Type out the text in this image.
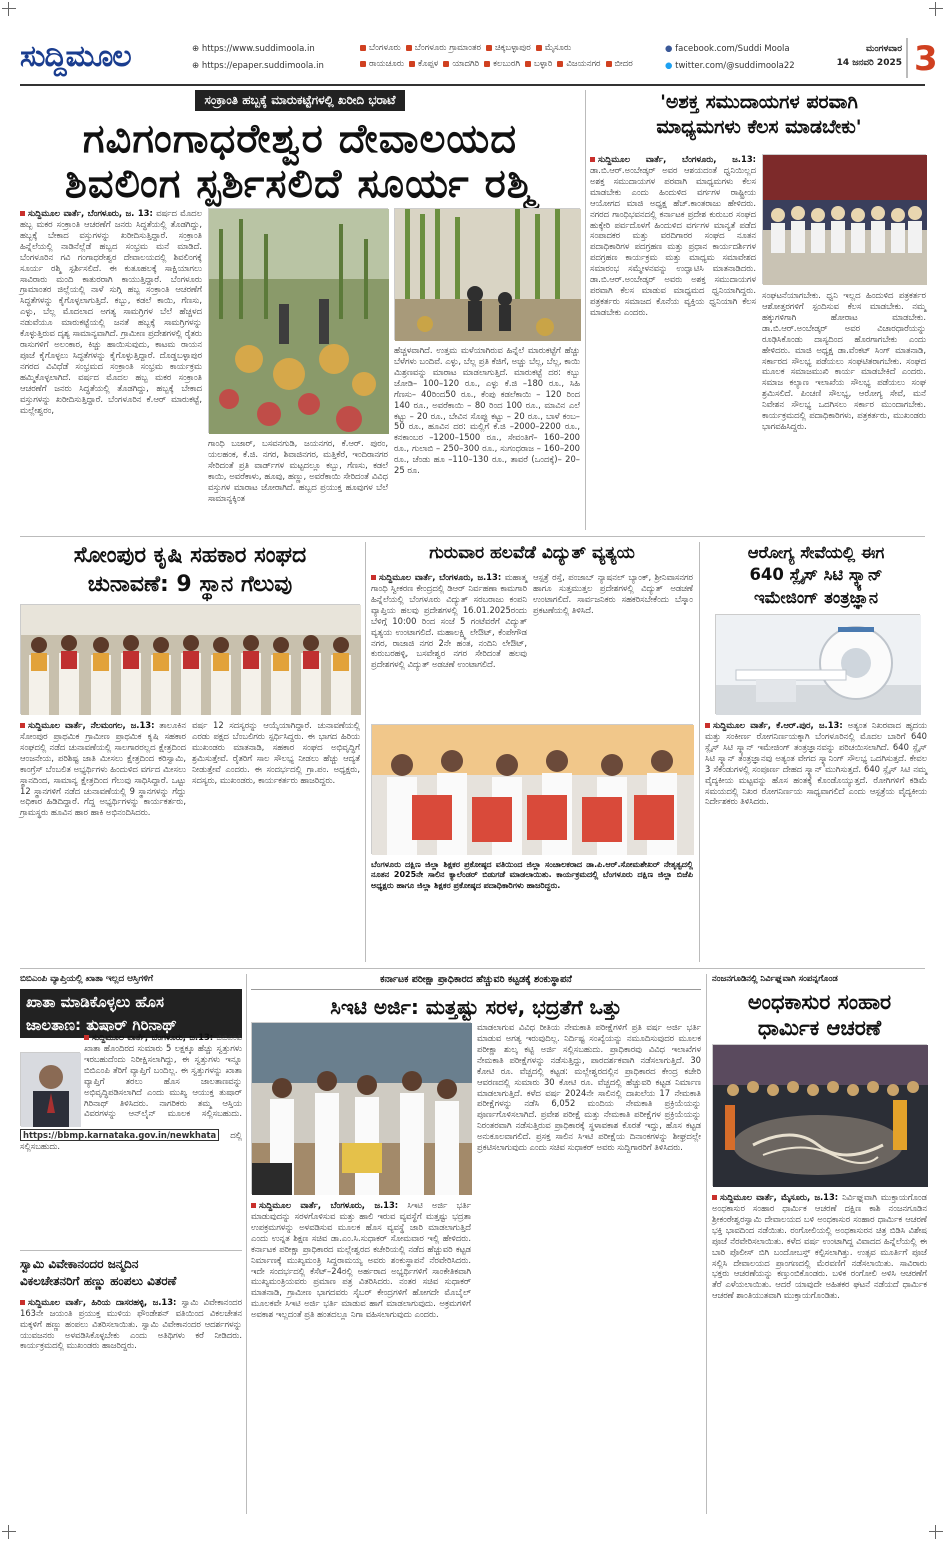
ಸುದ್ದಿಮೂಲ	⊕ https://www.suddimoola.in
⊕ https://epaper.suddimoola.in
ಬೆಂಗಳೂರು ಬೆಂಗಳೂರು ಗ್ರಾಮಾಂತರ ಚಿಕ್ಕಬಳ್ಳಾಪುರ ಮೈಸೂರು
ರಾಯಚೂರು ಕೊಪ್ಪಳ ಯಾದಗಿರಿ ಕಲಬುರಗಿ ಬಳ್ಳಾರಿ ವಿಜಯನಗರ ಬೀದರ
● facebook.com/Suddi Moola
● twitter.com/@suddimoola22
ಮಂಗಳವಾರ
14 ಜನವರಿ 2025 3
ಸಂಕ್ರಾಂತಿ ಹಬ್ಬಕ್ಕೆ ಮಾರುಕಟ್ಟೆಗಳಲ್ಲಿ ಖರೀದಿ ಭರಾಟೆ
ಗವಿಗಂಗಾಧರೇಶ್ವರ ದೇವಾಲಯದ
ಶಿವಲಿಂಗ ಸ್ಪರ್ಶಿಸಲಿದೆ ಸೂರ್ಯ ರಶ್ಮಿ
ಸುದ್ದಿಮೂಲ ವಾರ್ತೆ, ಬೆಂಗಳೂರು, ಜ. 13: ವರ್ಷದ ಮೊದಲ ಹಬ್ಬ ಮಕರ ಸಂಕ್ರಾಂತಿ ಆಚರಣೆಗೆ ಜನರು ಸಿದ್ಧತೆಯಲ್ಲಿ ತೊಡಗಿದ್ದು, ಹಬ್ಬಕ್ಕೆ ಬೇಕಾದ ವಸ್ತುಗಳನ್ನು ಖರೀದಿಸುತ್ತಿದ್ದಾರೆ. ಸಂಕ್ರಾಂತಿ ಹಿನ್ನೆಲೆಯಲ್ಲಿ ನಾಡಿನೆಲ್ಲೆಡೆ ಹಬ್ಬದ ಸಂಭ್ರಮ ಮನೆ ಮಾಡಿದೆ. ಬೆಂಗಳೂರಿನ ಗವಿ ಗಂಗಾಧರೇಶ್ವರ ದೇವಾಲಯದಲ್ಲಿ ಶಿವಲಿಂಗಕ್ಕೆ ಸೂರ್ಯ ರಶ್ಮಿ ಸ್ಪರ್ಶಿಸಲಿದೆ. ಈ ಕುತೂಹಲಕ್ಕೆ ಸಾಕ್ಷಿಯಾಗಲು ಸಾವಿರಾರು ಮಂದಿ ಕಾತುರರಾಗಿ ಕಾಯುತ್ತಿದ್ದಾರೆ. ಬೆಂಗಳೂರು ಗ್ರಾಮಾಂತರ ಜಿಲ್ಲೆಯಲ್ಲಿ ನಾಳೆ ಸುಗ್ಗಿ ಹಬ್ಬ ಸಂಕ್ರಾಂತಿ ಆಚರಣೆಗೆ ಸಿದ್ಧತೆಗಳನ್ನು ಕೈಗೊಳ್ಳಲಾಗುತ್ತಿದೆ. ಕಬ್ಬು, ಕಡಲೆ ಕಾಯಿ, ಗೆಣಸು, ಎಳ್ಳು, ಬೆಲ್ಲ ಮೊದಲಾದ ಅಗತ್ಯ ಸಾಮಗ್ರಿಗಳ ಬೆಲೆ ಹೆಚ್ಚಳದ ನಡುವೆಯೂ ಮಾರುಕಟ್ಟೆಯಲ್ಲಿ ಜನತೆ ಹಬ್ಬಕ್ಕೆ ಸಾಮಗ್ರಿಗಳನ್ನು ಕೊಳ್ಳುತ್ತಿರುವ ದೃಶ್ಯ ಸಾಮಾನ್ಯವಾಗಿದೆ. ಗ್ರಾಮೀಣ ಪ್ರದೇಶಗಳಲ್ಲಿ ರೈತರು ರಾಸುಗಳಿಗೆ ಅಲಂಕಾರ, ಕಿಚ್ಚು ಹಾಯಿಸುವುದು, ಕಾಟಮ ರಾಯನ ಪೂಜೆ ಕೈಗೊಳ್ಳಲು ಸಿದ್ಧತೆಗಳನ್ನು ಕೈಗೊಳ್ಳುತ್ತಿದ್ದಾರೆ. ದೊಡ್ಡಬಳ್ಳಾಪುರ ನಗರದ ವಿವಿಧೆಡೆ ಸಂಭ್ರಮದ ಸಂಕ್ರಾಂತಿ ಸಂಭ್ರಮ ಕಾರ್ಯಕ್ರಮ ಹಮ್ಮಿಕೊಳ್ಳಲಾಗಿದೆ. ವರ್ಷದ ಮೊದಲ ಹಬ್ಬ ಮಕರ ಸಂಕ್ರಾಂತಿ ಆಚರಣೆಗೆ ಜನರು ಸಿದ್ಧತೆಯಲ್ಲಿ ತೊಡಗಿದ್ದು, ಹಬ್ಬಕ್ಕೆ ಬೇಕಾದ ವಸ್ತುಗಳನ್ನು ಖರೀದಿಸುತ್ತಿದ್ದಾರೆ. ಬೆಂಗಳೂರಿನ ಕೆ.ಆರ್ ಮಾರುಕಟ್ಟೆ, ಮಲ್ಲೇಶ್ವರಂ,
ಗಾಂಧಿ ಬಜಾರ್, ಬಸವನಗುಡಿ, ಜಯನಗರ, ಕೆ.ಆರ್. ಪುರಂ, ಯಲಹಂಕ, ಕೆ.ಜಿ. ನಗರ, ಶಿವಾಜಿನಗರ, ಮತ್ತಿಕೆರೆ, ಇಂದಿರಾನಗರ ಸೇರಿದಂತೆ ಪ್ರತಿ ವಾರ್ಡ್‌ಗಳ ಮಟ್ಟದಲ್ಲೂ ಕಬ್ಬು, ಗೆಣಸು, ಕಡಲೆ ಕಾಯಿ, ಅವರೆಕಾಳು, ಹೂವು, ಹಣ್ಣು, ಅವರೆಕಾಯಿ ಸೇರಿದಂತೆ ವಿವಿಧ ವಸ್ತುಗಳ ಮಾರಾಟ ಜೋರಾಗಿದೆ. ಹಬ್ಬದ ಪ್ರಯುಕ್ತ ಹೂವುಗಳ ಬೆಲೆ ಸಾಮಾನ್ಯಕ್ಕಿಂತ
ಹೆಚ್ಚಳವಾಗಿದೆ. ಉತ್ತಮ ಮಳೆಯಾಗಿರುವ ಹಿನ್ನೆಲೆ ಮಾರುಕಟ್ಟೆಗೆ ಹೆಚ್ಚು ಬೆಳೆಗಳು ಬಂದಿವೆ. ಎಳ್ಳು, ಬೆಲ್ಲ ಪ್ರತಿ ಕೆಜಿಗೆ, ಅಚ್ಚು ಬೆಲ್ಲ, ಬೆಲ್ಲ, ಕಾಯಿ ಮಿಶ್ರಣವನ್ನು ಮಾರಾಟ ಮಾಡಲಾಗುತ್ತಿದೆ. ಮಾರುಕಟ್ಟೆ ದರ: ಕಬ್ಬು ಜೋಡಿ– 100–120 ರೂ., ಎಳ್ಳು ಕೆ.ಜಿ –180 ರೂ., ಸಿಹಿ ಗೆಣಸು– 40ರಿಂದ50 ರೂ., ಕೆಂಪು ಕಡಲೆಕಾಯಿ – 120 ರಿಂದ 140 ರೂ., ಅವರೆಕಾಯಿ – 80 ರಿಂದ 100 ರೂ., ಮಾವಿನ ಎಲೆ ಕಟ್ಟು – 20 ರೂ., ಬೇವಿನ ಸೊಪ್ಪು ಕಟ್ಟು – 20 ರೂ., ಬಾಳೆ ಕಂಬ– 50 ರೂ., ಹೂವಿನ ದರ: ಮಲ್ಲಿಗೆ ಕೆ.ಜಿ –2000–2200 ರೂ., ಕನಕಾಂಬರ –1200–1500 ರೂ., ಸೇವಂತಿಗೆ– 160–200 ರೂ., ಗುಲಾಬಿ – 250–300 ರೂ., ಸುಗಂಧರಾಜ – 160–200 ರೂ., ಚೆಂಡು ಹೂ –110–130 ರೂ., ತಾವರೆ (ಒಂದಕ್ಕೆ)– 20–25 ರೂ.
'ಅಶಕ್ತ ಸಮುದಾಯಗಳ ಪರವಾಗಿ
ಮಾಧ್ಯಮಗಳು ಕೆಲಸ ಮಾಡಬೇಕು'
ಸುದ್ದಿಮೂಲ ವಾರ್ತೆ, ಬೆಂಗಳೂರು, ಜ.13: ಡಾ.ಬಿ.ಆರ್.ಅಂಬೇಡ್ಕರ್ ಅವರ ಆಶಯದಂತೆ ಧ್ವನಿಯಿಲ್ಲದ ಅಶಕ್ತ ಸಮುದಾಯಗಳ ಪರವಾಗಿ ಮಾಧ್ಯಮಗಳು ಕೆಲಸ ಮಾಡಬೇಕು ಎಂದು ಹಿಂದುಳಿದ ವರ್ಗಗಳ ರಾಷ್ಟ್ರೀಯ ಆಯೋಗದ ಮಾಜಿ ಅಧ್ಯಕ್ಷ ಹೆಚ್.ಕಾಂತರಾಜು ಹೇಳಿದರು. ನಗರದ ಗಾಂಧಿಭವನದಲ್ಲಿ ಕರ್ನಾಟಕ ಪ್ರದೇಶ ಕುರುಬರ ಸಂಘದ ಹುಕ್ಕೇರಿ ಪರ್ವದೊಳಗೆ ಹಿಂದುಳಿದ ವರ್ಗಗಳ ಮಾನ್ಯತೆ ಪಡೆದ ಸಂಪಾದಕರ ಮತ್ತು ವರದಿಗಾರರ ಸಂಘದ ನೂತನ ಪದಾಧಿಕಾರಿಗಳ ಪದಗ್ರಹಣ ಮತ್ತು ಪ್ರಧಾನ ಕಾರ್ಯದರ್ಶಿಗಳ ಪದಗ್ರಹಣ ಕಾರ್ಯಕ್ರಮ ಮತ್ತು ಮಾಧ್ಯಮ ಸಮಾವೇಶದ ಸಮಾರಂಭ ಸಮ್ಮೇಳನವನ್ನು ಉದ್ಘಾಟಿಸಿ ಮಾತನಾಡಿದರು. ಡಾ.ಬಿ.ಆರ್.ಅಂಬೇಡ್ಕರ್ ಅವರು ಅಶಕ್ತ ಸಮುದಾಯಗಳ ಪರವಾಗಿ ಕೆಲಸ ಮಾಡುವ ಮಾಧ್ಯಮದ ಧ್ವನಿಯಾಗಿದ್ದರು. ಪತ್ರಕರ್ತರು ಸಮಾಜದ ಕೊನೆಯ ವ್ಯಕ್ತಿಯ ಧ್ವನಿಯಾಗಿ ಕೆಲಸ ಮಾಡಬೇಕು ಎಂದರು.
ಸಂಘಟನೆಯಾಗಬೇಕು. ಧ್ವನಿ ಇಲ್ಲದ ಹಿಂದುಳಿದ ಪತ್ರಕರ್ತರ ಆಶೋತ್ತರಗಳಿಗೆ ಸ್ಪಂದಿಸುವ ಕೆಲಸ ಮಾಡಬೇಕು. ನಮ್ಮ ಹಕ್ಕುಗಳಿಗಾಗಿ ಹೋರಾಟ ಮಾಡಬೇಕು. ಡಾ.ಬಿ.ಆರ್.ಅಂಬೇಡ್ಕರ್ ಅವರ ವಿಚಾರಧಾರೆಯನ್ನು ರೂಢಿಸಿಕೊಂಡು ದಾಸ್ಯದಿಂದ ಹೊರಗಾಗಬೇಕು ಎಂದು ಹೇಳಿದರು. ಮಾಜಿ ಅಧ್ಯಕ್ಷ ಡಾ.ವೆಂಕಟ್ ಸಿಂಗ್ ಮಾತನಾಡಿ, ಸರ್ಕಾರದ ಸೌಲಭ್ಯ ಪಡೆಯಲು ಸಂಘಟಿತರಾಗಬೇಕು. ಸಂಘದ ಮೂಲಕ ಸಮಾಜಮುಖಿ ಕಾರ್ಯ ಮಾಡಬೇಕಿದೆ ಎಂದರು. ಸಮಾಜ ಕಲ್ಯಾಣ ಇಲಾಖೆಯ ಸೌಲಭ್ಯ ಪಡೆಯಲು ಸಂಘ ಶ್ರಮಿಸಲಿದೆ. ಪಿಂಚಣಿ ಸೌಲಭ್ಯ, ಆರೋಗ್ಯ ಸೇವೆ, ಮನೆ ನಿವೇಶನ ಸೌಲಭ್ಯ ಒದಗಿಸಲು ಸರ್ಕಾರ ಮುಂದಾಗಬೇಕು. ಕಾರ್ಯಕ್ರಮದಲ್ಲಿ ಪದಾಧಿಕಾರಿಗಳು, ಪತ್ರಕರ್ತರು, ಮುಖಂಡರು ಭಾಗವಹಿಸಿದ್ದರು.
ಸೋಂಪುರ ಕೃಷಿ ಸಹಕಾರ ಸಂಘದ
ಚುನಾವಣೆ: 9 ಸ್ಥಾನ ಗೆಲುವು
ಸುದ್ದಿಮೂಲ ವಾರ್ತೆ, ನೆಲಮಂಗಲ, ಜ.13: ತಾಲೂಕಿನ ಸೋಂಪುರ ಪ್ರಾಥಮಿಕ ಗ್ರಾಮೀಣ ಪ್ರಾಥಮಿಕ ಕೃಷಿ ಸಹಕಾರ ಸಂಘದಲ್ಲಿ ನಡೆದ ಚುನಾವಣೆಯಲ್ಲಿ ಸಾಲಗಾರರಲ್ಲದ ಕ್ಷೇತ್ರದಿಂದ ಆಂಜನೇಯ, ಪರಿಶಿಷ್ಟ ಜಾತಿ ಮೀಸಲು ಕ್ಷೇತ್ರದಿಂದ ಕರಿಸ್ವಾಮಿ, ಕಾಂಗ್ರೆಸ್ ಬೆಂಬಲಿತ ಅಭ್ಯರ್ಥಿಗಳು ಹಿಂದುಳಿದ ವರ್ಗದ ಮೀಸಲು ಸ್ಥಾನದಿಂದ, ಸಾಮಾನ್ಯ ಕ್ಷೇತ್ರದಿಂದ ಗೆಲುವು ಸಾಧಿಸಿದ್ದಾರೆ. ಒಟ್ಟು 12 ಸ್ಥಾನಗಳಿಗೆ ನಡೆದ ಚುನಾವಣೆಯಲ್ಲಿ 9 ಸ್ಥಾನಗಳನ್ನು ಗೆದ್ದು ಅಧಿಕಾರ ಹಿಡಿದಿದ್ದಾರೆ. ಗೆದ್ದ ಅಭ್ಯರ್ಥಿಗಳನ್ನು ಕಾರ್ಯಕರ್ತರು, ಗ್ರಾಮಸ್ಥರು ಹೂವಿನ ಹಾರ ಹಾಕಿ ಅಭಿನಂದಿಸಿದರು.
ವರ್ಷ 12 ಸದಸ್ಯರನ್ನು ಆಯ್ಕೆಯಾಗಿದ್ದಾರೆ. ಚುನಾವಣೆಯಲ್ಲಿ ಎರಡು ಪಕ್ಷದ ಬೆಂಬಲಿಗರು ಸ್ಪರ್ಧಿಸಿದ್ದರು. ಈ ಭಾಗದ ಹಿರಿಯ ಮುಖಂಡರು ಮಾತನಾಡಿ, ಸಹಕಾರ ಸಂಘದ ಅಭಿವೃದ್ಧಿಗೆ ಶ್ರಮಿಸುತ್ತೇವೆ. ರೈತರಿಗೆ ಸಾಲ ಸೌಲಭ್ಯ ನೀಡಲು ಹೆಚ್ಚು ಆದ್ಯತೆ ನೀಡುತ್ತೇವೆ ಎಂದರು. ಈ ಸಂದರ್ಭದಲ್ಲಿ ಗ್ರಾ.ಪಂ. ಅಧ್ಯಕ್ಷರು, ಸದಸ್ಯರು, ಮುಖಂಡರು, ಕಾರ್ಯಕರ್ತರು ಹಾಜರಿದ್ದರು.
ಗುರುವಾರ ಹಲವೆಡೆ ವಿದ್ಯುತ್ ವ್ಯತ್ಯಯ
ಸುದ್ದಿಮೂಲ ವಾರ್ತೆ, ಬೆಂಗಳೂರು, ಜ.13: ಮಹಾತ್ಮ ಗಾಂಧಿ ಸ್ವೀಕರಣ ಕೇಂದ್ರದಲ್ಲಿ ಡಿಆರ್ ನಿರ್ವಹಣಾ ಕಾಮಗಾರಿ ಹಿನ್ನೆಲೆಯಲ್ಲಿ ಬೆಂಗಳೂರು ವಿದ್ಯುತ್ ಸರಬರಾಜು ಕಂಪನಿ ವ್ಯಾಪ್ತಿಯ ಹಲವು ಪ್ರದೇಶಗಳಲ್ಲಿ 16.01.2025ರಂದು ಬೆಳಿಗ್ಗೆ 10:00 ರಿಂದ ಸಂಜೆ 5 ಗಂಟೆವರೆಗೆ ವಿದ್ಯುತ್ ವ್ಯತ್ಯಯ ಉಂಟಾಗಲಿದೆ. ಮಹಾಲಕ್ಷ್ಮಿ ಲೇಔಟ್, ಕೆಂಪೇಗೌಡ ನಗರ, ರಾಜಾಜಿ ನಗರ 2ನೇ ಹಂತ, ನಂದಿನಿ ಲೇಔಟ್, ಕುರುಬರಹಳ್ಳಿ, ಬಸವೇಶ್ವರ ನಗರ ಸೇರಿದಂತೆ ಹಲವು ಪ್ರದೇಶಗಳಲ್ಲಿ ವಿದ್ಯುತ್ ಅಡಚಣೆ ಉಂಟಾಗಲಿದೆ.
ಆಸ್ಪತ್ರೆ ರಸ್ತೆ, ಪಂಜಾಬ್ ನ್ಯಾಷನಲ್ ಬ್ಯಾಂಕ್, ಶ್ರೀನಿವಾಸನಗರ ಹಾಗೂ ಸುತ್ತಮುತ್ತಲ ಪ್ರದೇಶಗಳಲ್ಲಿ ವಿದ್ಯುತ್ ಅಡಚಣೆ ಉಂಟಾಗಲಿದೆ. ಸಾರ್ವಜನಿಕರು ಸಹಕರಿಸಬೇಕೆಂದು ಬೆಸ್ಕಾಂ ಪ್ರಕಟಣೆಯಲ್ಲಿ ತಿಳಿಸಿದೆ.
ಬೆಂಗಳೂರು ದಕ್ಷಿಣ ಜಿಲ್ಲಾ ಶಿಕ್ಷಕರ ಪ್ರಕೋಷ್ಠದ ವತಿಯಿಂದ ಜಿಲ್ಲಾ ಸಂಚಾಲಕರಾದ ಡಾ.ಪಿ.ಆರ್.ಸೋಮಶೇಖರ್ ನೇತೃತ್ವದಲ್ಲಿ ನೂತನ 2025ನೇ ಸಾಲಿನ ಕ್ಯಾಲೆಂಡರ್ ಬಿಡುಗಡೆ ಮಾಡಲಾಯಿತು. ಕಾರ್ಯಕ್ರಮದಲ್ಲಿ ಬೆಂಗಳೂರು ದಕ್ಷಿಣ ಜಿಲ್ಲಾ ಬಿಜೆಪಿ ಅಧ್ಯಕ್ಷರು ಹಾಗೂ ಜಿಲ್ಲಾ ಶಿಕ್ಷಕರ ಪ್ರಕೋಷ್ಠದ ಪದಾಧಿಕಾರಿಗಳು ಹಾಜರಿದ್ದರು.
ಆರೋಗ್ಯ ಸೇವೆಯಲ್ಲಿ ಈಗ
640 ಸ್ಲೈಸ್ ಸಿಟಿ ಸ್ಕ್ಯಾನ್
ಇಮೇಜಿಂಗ್ ತಂತ್ರಜ್ಞಾನ
ಸುದ್ದಿಮೂಲ ವಾರ್ತೆ, ಕೆ.ಆರ್.ಪುರ, ಜ.13: ಅತ್ಯಂತ ನಿಖರವಾದ ಹೃದಯ ಮತ್ತು ಸಂಕೀರ್ಣ ರೋಗನಿರ್ಣಯಕ್ಕಾಗಿ ಬೆಂಗಳೂರಿನಲ್ಲಿ ಮೊದಲ ಬಾರಿಗೆ 640 ಸ್ಲೈಸ್ ಸಿಟಿ ಸ್ಕ್ಯಾನ್ ಇಮೇಜಿಂಗ್ ತಂತ್ರಜ್ಞಾನವನ್ನು ಪರಿಚಯಿಸಲಾಗಿದೆ. 640 ಸ್ಲೈಸ್ ಸಿಟಿ ಸ್ಕ್ಯಾನ್ ತಂತ್ರಜ್ಞಾನವು ಅತ್ಯಂತ ವೇಗದ ಸ್ಕ್ಯಾನಿಂಗ್ ಸೌಲಭ್ಯ ಒದಗಿಸುತ್ತದೆ. ಕೇವಲ 3 ಸೆಕೆಂಡುಗಳಲ್ಲಿ ಸಂಪೂರ್ಣ ದೇಹದ ಸ್ಕ್ಯಾನ್ ಮುಗಿಸುತ್ತದೆ. 640 ಸ್ಲೈಸ್ ಸಿಟಿ ನಮ್ಮ ವೈದ್ಯಕೀಯ ಮಟ್ಟವನ್ನು ಹೊಸ ಹಂತಕ್ಕೆ ಕೊಂಡೊಯ್ಯುತ್ತದೆ. ರೋಗಿಗಳಿಗೆ ಕಡಿಮೆ ಸಮಯದಲ್ಲಿ ನಿಖರ ರೋಗನಿರ್ಣಯ ಸಾಧ್ಯವಾಗಲಿದೆ ಎಂದು ಆಸ್ಪತ್ರೆಯ ವೈದ್ಯಕೀಯ ನಿರ್ದೇಶಕರು ತಿಳಿಸಿದರು.
ಬಿಬಿಎಂಪಿ ವ್ಯಾಪ್ತಿಯಲ್ಲಿ ಖಾತಾ ಇಲ್ಲದ ಆಸ್ತಿಗಳಿಗೆ
ಖಾತಾ ಮಾಡಿಕೊಳ್ಳಲು ಹೊಸ
ಜಾಲತಾಣ: ತುಷಾರ್ ಗಿರಿನಾಥ್
ಸುದ್ದಿಮೂಲ ವಾರ್ತೆ, ಬೆಂಗಳೂರು, ಜ.13: ಬಿಬಿಎಂಪಿ ಖಾತಾ ಹೊಂದಿರದ ಸುಮಾರು 5 ಲಕ್ಷಕ್ಕೂ ಹೆಚ್ಚು ಸ್ವತ್ತುಗಳು ಇರಬಹುದೆಂದು ನಿರೀಕ್ಷಿಸಲಾಗಿದ್ದು, ಈ ಸ್ವತ್ತುಗಳು ಇನ್ನೂ ಬಿಬಿಎಂಪಿ ತೆರಿಗೆ ವ್ಯಾಪ್ತಿಗೆ ಬಂದಿಲ್ಲ. ಈ ಸ್ವತ್ತುಗಳನ್ನು ಖಾತಾ ವ್ಯಾಪ್ತಿಗೆ ತರಲು ಹೊಸ ಜಾಲತಾಣವನ್ನು ಅಭಿವೃದ್ಧಿಪಡಿಸಲಾಗಿದೆ ಎಂದು ಮುಖ್ಯ ಆಯುಕ್ತ ತುಷಾರ್ ಗಿರಿನಾಥ್ ತಿಳಿಸಿದರು. ನಾಗರಿಕರು ತಮ್ಮ ಆಸ್ತಿಯ ವಿವರಗಳನ್ನು ಆನ್‌ಲೈನ್ ಮೂಲಕ ಸಲ್ಲಿಸಬಹುದು. https://bbmp.karnataka.gov.in/newkhata ದಲ್ಲಿ ಸಲ್ಲಿಸಬಹುದು.
ಸ್ವಾಮಿ ವಿವೇಕಾನಂದರ ಜನ್ಮದಿನ
ವಿಕಲಚೇತನರಿಗೆ ಹಣ್ಣು ಹಂಪಲು ವಿತರಣೆ
ಸುದ್ದಿಮೂಲ ವಾರ್ತೆ, ಹಿರಿಯ ದಾಸರಹಳ್ಳಿ, ಜ.13: ಸ್ವಾಮಿ ವಿವೇಕಾನಂದರ 163ನೇ ಜಯಂತಿ ಪ್ರಯುಕ್ತ ಮುಳಿಯ ಫೌಂಡೇಶನ್ ವತಿಯಿಂದ ವಿಕಲಚೇತನ ಮಕ್ಕಳಿಗೆ ಹಣ್ಣು ಹಂಪಲು ವಿತರಿಸಲಾಯಿತು. ಸ್ವಾಮಿ ವಿವೇಕಾನಂದರ ಆದರ್ಶಗಳನ್ನು ಯುವಜನರು ಅಳವಡಿಸಿಕೊಳ್ಳಬೇಕು ಎಂದು ಅತಿಥಿಗಳು ಕರೆ ನೀಡಿದರು. ಕಾರ್ಯಕ್ರಮದಲ್ಲಿ ಮುಖಂಡರು ಹಾಜರಿದ್ದರು.
ಕರ್ನಾಟಕ ಪರೀಕ್ಷಾ ಪ್ರಾಧಿಕಾರದ ಹೆಚ್ಚುವರಿ ಕಟ್ಟಡಕ್ಕೆ ಶಂಕುಸ್ಥಾಪನೆ
ಸಿಇಟಿ ಅರ್ಜಿ: ಮತ್ತಷ್ಟು ಸರಳ, ಭದ್ರತೆಗೆ ಒತ್ತು
ಸುದ್ದಿಮೂಲ ವಾರ್ತೆ, ಬೆಂಗಳೂರು, ಜ.13: ಸಿಇಟಿ ಅರ್ಜಿ ಭರ್ತಿ ಮಾಡುವುದನ್ನು ಸರಳಗೊಳಿಸುವ ಮತ್ತು ಹಾಲಿ ಇರುವ ವ್ಯವಸ್ಥೆಗೆ ಮತ್ತಷ್ಟು ಭದ್ರತಾ ಉಪಕ್ರಮಗಳನ್ನು ಅಳವಡಿಸುವ ಮೂಲಕ ಹೊಸ ವ್ಯವಸ್ಥೆ ಜಾರಿ ಮಾಡಲಾಗುತ್ತಿದೆ ಎಂದು ಉನ್ನತ ಶಿಕ್ಷಣ ಸಚಿವ ಡಾ.ಎಂ.ಸಿ.ಸುಧಾಕರ್ ಸೋಮವಾರ ಇಲ್ಲಿ ಹೇಳಿದರು. ಕರ್ನಾಟಕ ಪರೀಕ್ಷಾ ಪ್ರಾಧಿಕಾರದ ಮಲ್ಲೇಶ್ವರದ ಕಚೇರಿಯಲ್ಲಿ ನಡೆದ ಹೆಚ್ಚುವರಿ ಕಟ್ಟಡ ನಿರ್ಮಾಣಕ್ಕೆ ಮುಖ್ಯಮಂತ್ರಿ ಸಿದ್ದರಾಮಯ್ಯ ಅವರು ಶಂಕುಸ್ಥಾಪನೆ ನೆರವೇರಿಸಿದರು. ಇದೇ ಸಂದರ್ಭದಲ್ಲಿ ಕೆಸೆಟ್–24ರಲ್ಲಿ ಅರ್ಹರಾದ ಅಭ್ಯರ್ಥಿಗಳಿಗೆ ಸಾಂಕೇತಿಕವಾಗಿ ಮುಖ್ಯಮಂತ್ರಿಯವರು ಪ್ರಮಾಣ ಪತ್ರ ವಿತರಿಸಿದರು. ನಂತರ ಸಚಿವ ಸುಧಾಕರ್ ಮಾತನಾಡಿ, ಗ್ರಾಮೀಣ ಭಾಗದವರು ಸೈಬರ್ ಕೇಂದ್ರಗಳಿಗೆ ಹೋಗದೇ ಮೊಬೈಲ್ ಮೂಲಕವೇ ಸಿಇಟಿ ಅರ್ಜಿ ಭರ್ತಿ ಮಾಡುವ ಹಾಗೆ ಮಾಡಲಾಗುವುದು. ಅಕ್ರಮಗಳಿಗೆ ಅವಕಾಶ ಇಲ್ಲದಂತೆ ಪ್ರತಿ ಹಂತದಲ್ಲೂ ನಿಗಾ ವಹಿಸಲಾಗುವುದು ಎಂದರು.
ಮಾಡಲಾಗುವ ವಿವಿಧ ರೀತಿಯ ನೇಮಕಾತಿ ಪರೀಕ್ಷೆಗಳಿಗೆ ಪ್ರತಿ ವರ್ಷ ಅರ್ಜಿ ಭರ್ತಿ ಮಾಡುವ ಅಗತ್ಯ ಇರುವುದಿಲ್ಲ. ನಿರ್ದಿಷ್ಟ ಸಂಖ್ಯೆಯನ್ನು ನಮೂದಿಸುವುದರ ಮೂಲಕ ಪರೀಕ್ಷಾ ಶುಲ್ಕ ಕಟ್ಟಿ ಅರ್ಜಿ ಸಲ್ಲಿಸಬಹುದು. ಪ್ರಾಧಿಕಾರವು ವಿವಿಧ ಇಲಾಖೆಗಳ ನೇಮಕಾತಿ ಪರೀಕ್ಷೆಗಳನ್ನು ನಡೆಸುತ್ತಿದ್ದು, ಪಾರದರ್ಶಕವಾಗಿ ನಡೆಸಲಾಗುತ್ತಿದೆ. 30 ಕೋಟಿ ರೂ. ವೆಚ್ಚದಲ್ಲಿ ಕಟ್ಟಡ: ಮಲ್ಲೇಶ್ವರದಲ್ಲಿನ ಪ್ರಾಧಿಕಾರದ ಕೇಂದ್ರ ಕಚೇರಿ ಆವರಣದಲ್ಲಿ ಸುಮಾರು 30 ಕೋಟಿ ರೂ. ವೆಚ್ಚದಲ್ಲಿ ಹೆಚ್ಚುವರಿ ಕಟ್ಟಡ ನಿರ್ಮಾಣ ಮಾಡಲಾಗುತ್ತಿದೆ. ಕಳೆದ ವರ್ಷ 2024ನೇ ಸಾಲಿನಲ್ಲಿ ದಾಖಲೆಯ 17 ನೇಮಕಾತಿ ಪರೀಕ್ಷೆಗಳನ್ನು ನಡೆಸಿ 6,052 ಮಂದಿಯ ನೇಮಕಾತಿ ಪ್ರಕ್ರಿಯೆಯನ್ನು ಪೂರ್ಣಗೊಳಿಸಲಾಗಿದೆ. ಪ್ರವೇಶ ಪರೀಕ್ಷೆ ಮತ್ತು ನೇಮಕಾತಿ ಪರೀಕ್ಷೆಗಳ ಪ್ರಕ್ರಿಯೆಯನ್ನು ನಿರಂತರವಾಗಿ ನಡೆಸುತ್ತಿರುವ ಪ್ರಾಧಿಕಾರಕ್ಕೆ ಸ್ಥಳಾವಕಾಶ ಕೊರತೆ ಇದ್ದು, ಹೊಸ ಕಟ್ಟಡ ಅನುಕೂಲವಾಗಲಿದೆ. ಪ್ರಸಕ್ತ ಸಾಲಿನ ಸಿಇಟಿ ಪರೀಕ್ಷೆಯ ದಿನಾಂಕಗಳನ್ನು ಶೀಘ್ರದಲ್ಲೇ ಪ್ರಕಟಿಸಲಾಗುವುದು ಎಂದು ಸಚಿವ ಸುಧಾಕರ್ ಅವರು ಸುದ್ದಿಗಾರರಿಗೆ ತಿಳಿಸಿದರು.
ನಂಜನಗೂಡಿನಲ್ಲಿ ನಿರ್ವಿಘ್ನವಾಗಿ ಸಂಪನ್ನಗೊಂಡ
ಅಂಧಕಾಸುರ ಸಂಹಾರ
ಧಾರ್ಮಿಕ ಆಚರಣೆ
ಸುದ್ದಿಮೂಲ ವಾರ್ತೆ, ಮೈಸೂರು, ಜ.13: ನಿರ್ವಿಘ್ನವಾಗಿ ಮುಕ್ತಾಯಗೊಂಡ ಅಂಧಕಾಸುರ ಸಂಹಾರ ಧಾರ್ಮಿಕ ಆಚರಣೆ ದಕ್ಷಿಣ ಕಾಶಿ ನಂಜನಗೂಡಿನ ಶ್ರೀಕಂಠೇಶ್ವರಸ್ವಾಮಿ ದೇವಾಲಯದ ಬಳಿ ಅಂಧಕಾಸುರ ಸಂಹಾರ ಧಾರ್ಮಿಕ ಆಚರಣೆ ಭಕ್ತಿ ಭಾವದಿಂದ ನಡೆಯಿತು. ರಂಗೋಲಿಯಲ್ಲಿ ಅಂಧಕಾಸುರನ ಚಿತ್ರ ಬಿಡಿಸಿ ವಿಶೇಷ ಪೂಜೆ ನೆರವೇರಿಸಲಾಯಿತು. ಕಳೆದ ವರ್ಷ ಉಂಟಾಗಿದ್ದ ವಿವಾದದ ಹಿನ್ನೆಲೆಯಲ್ಲಿ ಈ ಬಾರಿ ಪೊಲೀಸ್ ಬಿಗಿ ಬಂದೋಬಸ್ತ್ ಕಲ್ಪಿಸಲಾಗಿತ್ತು. ಉತ್ಸವ ಮೂರ್ತಿಗೆ ಪೂಜೆ ಸಲ್ಲಿಸಿ ದೇವಾಲಯದ ಪ್ರಾಂಗಣದಲ್ಲಿ ಮೆರವಣಿಗೆ ನಡೆಸಲಾಯಿತು. ಸಾವಿರಾರು ಭಕ್ತರು ಆಚರಣೆಯನ್ನು ಕಣ್ತುಂಬಿಕೊಂಡರು. ಬಳಿಕ ರಂಗೋಲಿ ಅಳಿಸಿ ಆಚರಣೆಗೆ ತೆರೆ ಎಳೆಯಲಾಯಿತು. ಆದರೆ ಯಾವುದೇ ಅಹಿತಕರ ಘಟನೆ ನಡೆಯದೆ ಧಾರ್ಮಿಕ ಆಚರಣೆ ಶಾಂತಿಯುತವಾಗಿ ಮುಕ್ತಾಯಗೊಂಡಿತು.
